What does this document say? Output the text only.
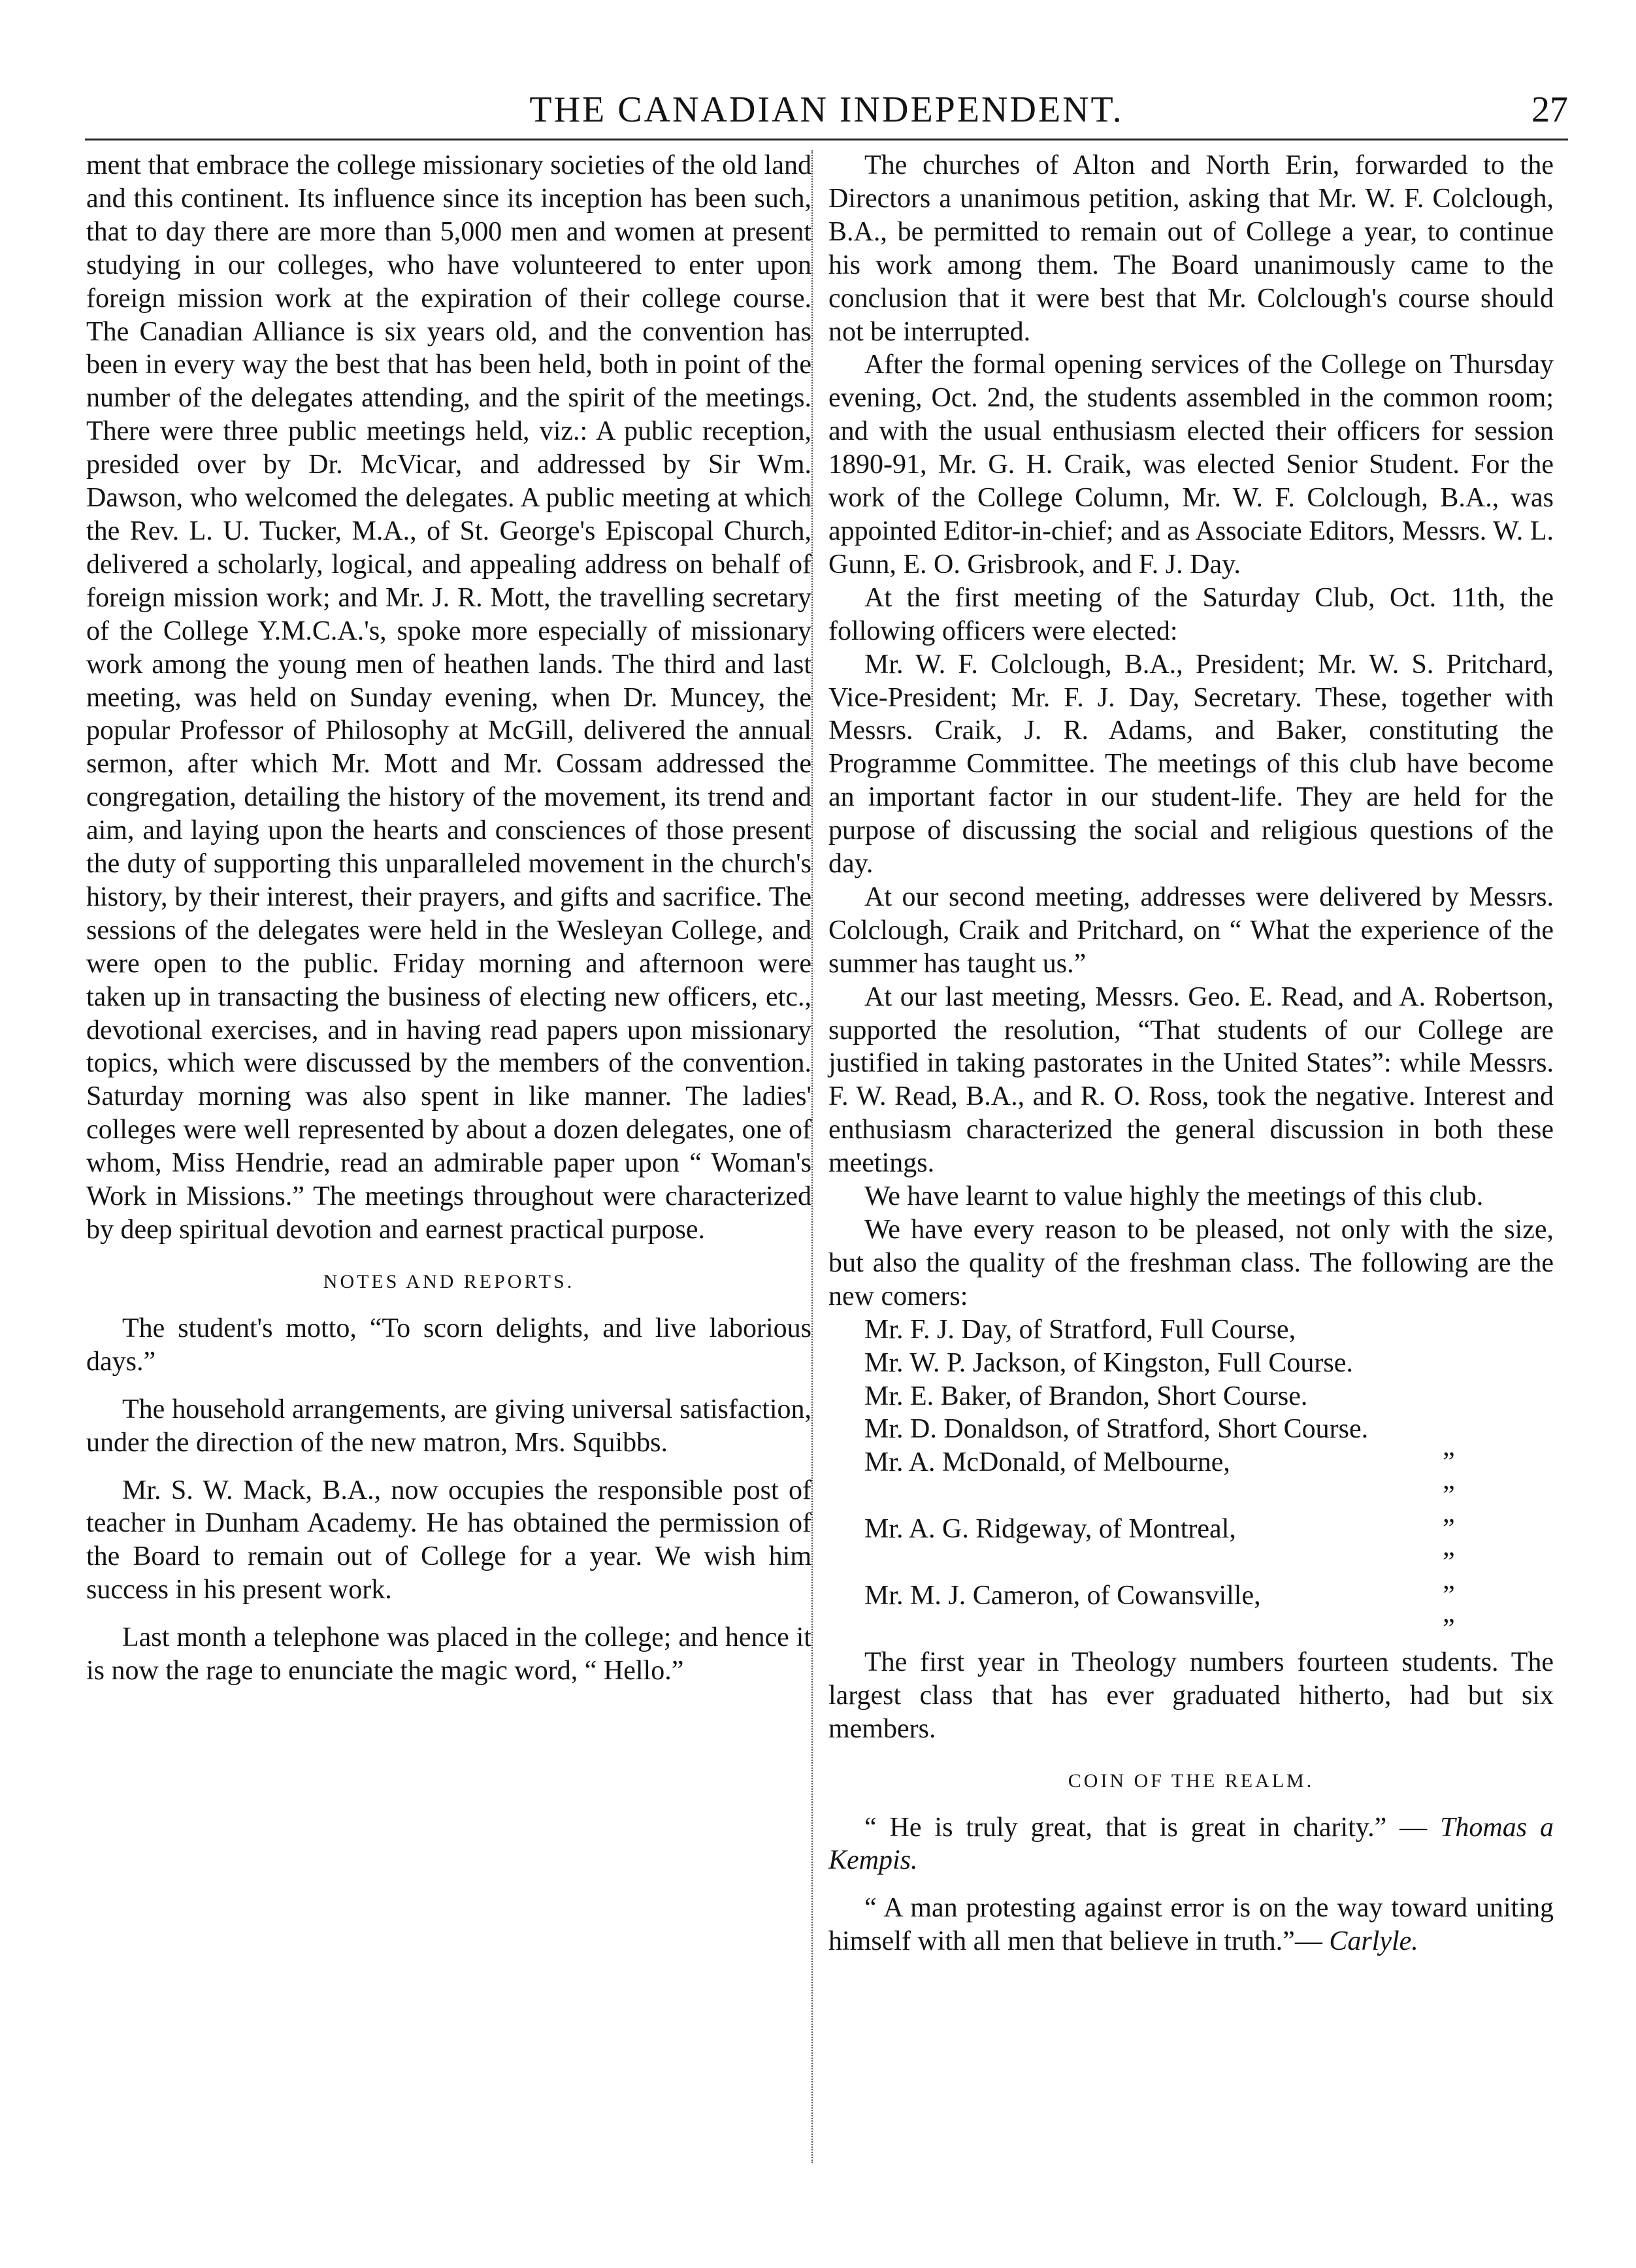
THE CANADIAN INDEPENDENT.	27

ment that embrace the college missionary societies of the old land and this continent. Its influence since its inception has been such, that to day there are more than 5,000 men and women at present studying in our colleges, who have volunteered to enter upon foreign mission work at the expiration of their college course. The Canadian Alliance is six years old, and the convention has been in every way the best that has been held, both in point of the number of the delegates attending, and the spirit of the meetings. There were three public meetings held, viz.: A public reception, presided over by Dr. McVicar, and addressed by Sir Wm. Dawson, who welcomed the delegates. A public meeting at which the Rev. L. U. Tucker, M.A., of St. George's Episcopal Church, delivered a scholarly, logical, and appealing address on behalf of foreign mission work; and Mr. J. R. Mott, the travelling secretary of the College Y.M.C.A.'s, spoke more especially of missionary work among the young men of heathen lands. The third and last meeting, was held on Sunday evening, when Dr. Muncey, the popular Professor of Philosophy at McGill, delivered the annual sermon, after which Mr. Mott and Mr. Cossam addressed the congregation, detailing the history of the movement, its trend and aim, and laying upon the hearts and consciences of those present the duty of supporting this unparalleled movement in the church's history, by their interest, their prayers, and gifts and sacrifice. The sessions of the delegates were held in the Wesleyan College, and were open to the public. Friday morning and afternoon were taken up in transacting the business of electing new officers, etc., devotional exercises, and in having read papers upon missionary topics, which were discussed by the members of the convention. Saturday morning was also spent in like manner. The ladies' colleges were well represented by about a dozen delegates, one of whom, Miss Hendrie, read an admirable paper upon “ Woman's Work in Missions.” The meetings throughout were characterized by deep spiritual devotion and earnest practical purpose.

NOTES AND REPORTS.

The student's motto, “To scorn delights, and live laborious days.”

The household arrangements, are giving universal satisfaction, under the direction of the new matron, Mrs. Squibbs.

Mr. S. W. Mack, B.A., now occupies the responsible post of teacher in Dunham Academy. He has obtained the permission of the Board to remain out of College for a year. We wish him success in his present work.

Last month a telephone was placed in the college; and hence it is now the rage to enunciate the magic word, “ Hello.”

The churches of Alton and North Erin, forwarded to the Directors a unanimous petition, asking that Mr. W. F. Colclough, B.A., be permitted to remain out of College a year, to continue his work among them. The Board unanimously came to the conclusion that it were best that Mr. Colclough's course should not be interrupted.

After the formal opening services of the College on Thursday evening, Oct. 2nd, the students assembled in the common room; and with the usual enthusiasm elected their officers for session 1890-91, Mr. G. H. Craik, was elected Senior Student. For the work of the College Column, Mr. W. F. Colclough, B.A., was appointed Editor-in-chief; and as Associate Editors, Messrs. W. L. Gunn, E. O. Grisbrook, and F. J. Day.

At the first meeting of the Saturday Club, Oct. 11th, the following officers were elected:

Mr. W. F. Colclough, B.A., President; Mr. W. S. Pritchard, Vice-President; Mr. F. J. Day, Secretary. These, together with Messrs. Craik, J. R. Adams, and Baker, constituting the Programme Committee. The meetings of this club have become an important factor in our student-life. They are held for the purpose of discussing the social and religious questions of the day.

At our second meeting, addresses were delivered by Messrs. Colclough, Craik and Pritchard, on “ What the experience of the summer has taught us.”

At our last meeting, Messrs. Geo. E. Read, and A. Robertson, supported the resolution, “That students of our College are justified in taking pastorates in the United States”: while Messrs. F. W. Read, B.A., and R. O. Ross, took the negative. Interest and enthusiasm characterized the general discussion in both these meetings.

We have learnt to value highly the meetings of this club.

We have every reason to be pleased, not only with the size, but also the quality of the freshman class. The following are the new comers:

Mr. F. J. Day, of Stratford, Full Course,
Mr. W. P. Jackson, of Kingston, Full Course.
Mr. E. Baker, of Brandon, Short Course.
Mr. D. Donaldson, of Stratford, Short Course.
Mr. A. McDonald, of Melbourne,	” ”
Mr. A. G. Ridgeway, of Montreal,	” ”
Mr. M. J. Cameron, of Cowansville,	” ”

The first year in Theology numbers fourteen students. The largest class that has ever graduated hitherto, had but six members.

COIN OF THE REALM.

“ He is truly great, that is great in charity.” — Thomas a Kempis.

“ A man protesting against error is on the way toward uniting himself with all men that believe in truth.”— Carlyle.
